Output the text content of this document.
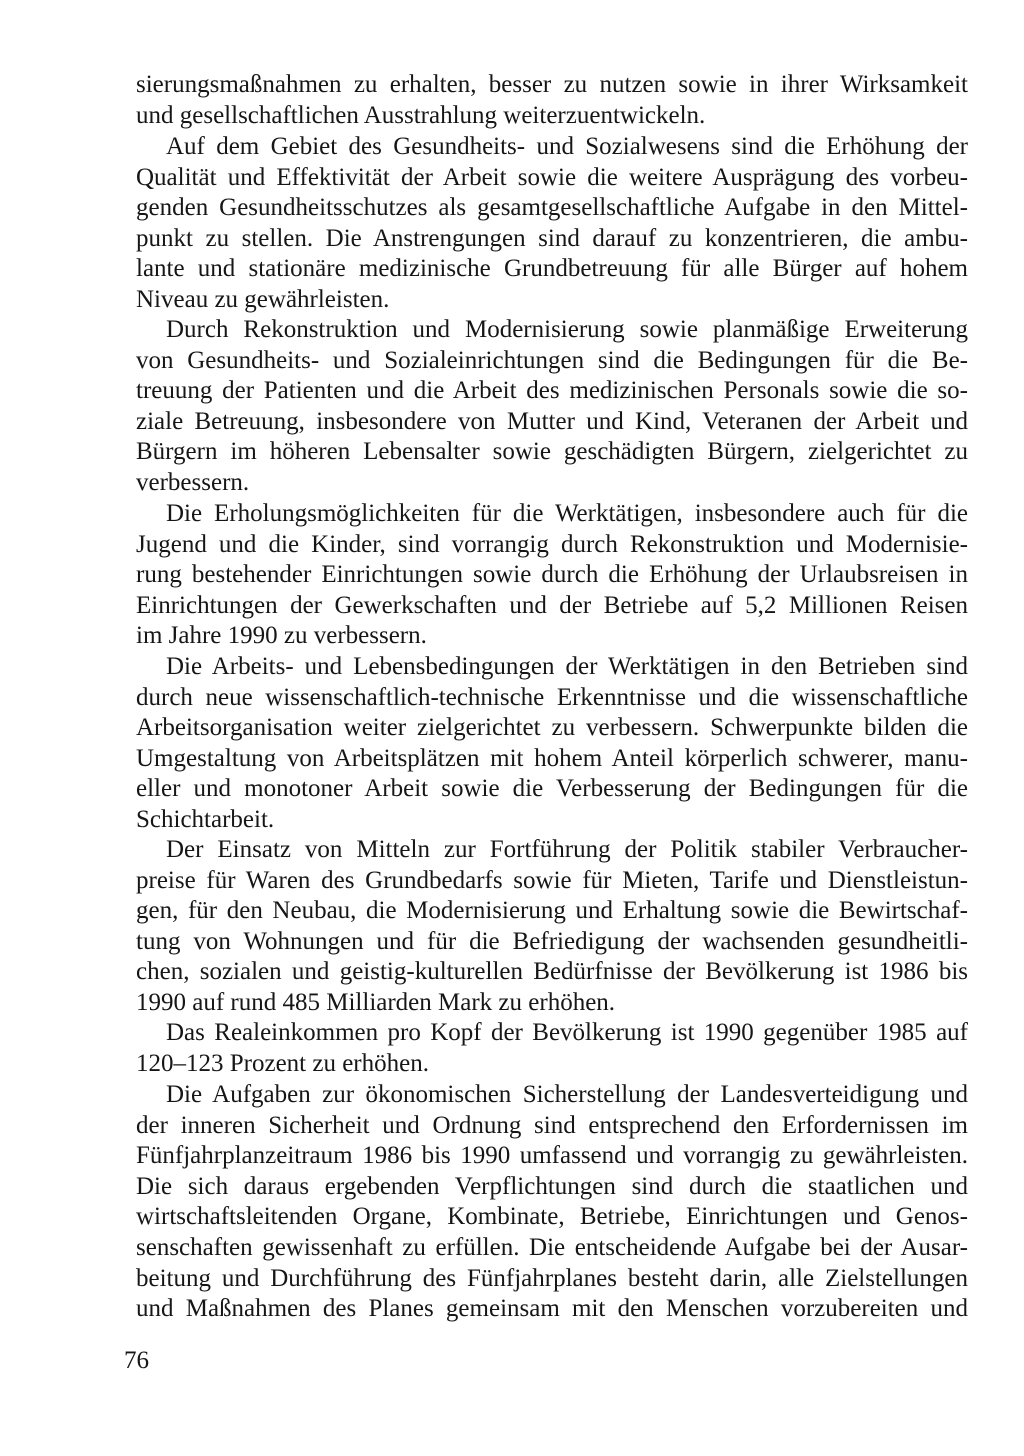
sierungsmaßnahmen zu erhalten, besser zu nutzen sowie in ihrer Wirksamkeit
und gesellschaftlichen Ausstrahlung weiterzuentwickeln.
Auf dem Gebiet des Gesundheits- und Sozialwesens sind die Erhöhung der
Qualität und Effektivität der Arbeit sowie die weitere Ausprägung des vorbeu-
genden Gesundheitsschutzes als gesamtgesellschaftliche Aufgabe in den Mittel-
punkt zu stellen. Die Anstrengungen sind darauf zu konzentrieren, die ambu-
lante und stationäre medizinische Grundbetreuung für alle Bürger auf hohem
Niveau zu gewährleisten.
Durch Rekonstruktion und Modernisierung sowie planmäßige Erweiterung
von Gesundheits- und Sozialeinrichtungen sind die Bedingungen für die Be-
treuung der Patienten und die Arbeit des medizinischen Personals sowie die so-
ziale Betreuung, insbesondere von Mutter und Kind, Veteranen der Arbeit und
Bürgern im höheren Lebensalter sowie geschädigten Bürgern, zielgerichtet zu
verbessern.
Die Erholungsmöglichkeiten für die Werktätigen, insbesondere auch für die
Jugend und die Kinder, sind vorrangig durch Rekonstruktion und Modernisie-
rung bestehender Einrichtungen sowie durch die Erhöhung der Urlaubsreisen in
Einrichtungen der Gewerkschaften und der Betriebe auf 5,2 Millionen Reisen
im Jahre 1990 zu verbessern.
Die Arbeits- und Lebensbedingungen der Werktätigen in den Betrieben sind
durch neue wissenschaftlich-technische Erkenntnisse und die wissenschaftliche
Arbeitsorganisation weiter zielgerichtet zu verbessern. Schwerpunkte bilden die
Umgestaltung von Arbeitsplätzen mit hohem Anteil körperlich schwerer, manu-
eller und monotoner Arbeit sowie die Verbesserung der Bedingungen für die
Schichtarbeit.
Der Einsatz von Mitteln zur Fortführung der Politik stabiler Verbraucher-
preise für Waren des Grundbedarfs sowie für Mieten, Tarife und Dienstleistun-
gen, für den Neubau, die Modernisierung und Erhaltung sowie die Bewirtschaf-
tung von Wohnungen und für die Befriedigung der wachsenden gesundheitli-
chen, sozialen und geistig-kulturellen Bedürfnisse der Bevölkerung ist 1986 bis
1990 auf rund 485 Milliarden Mark zu erhöhen.
Das Realeinkommen pro Kopf der Bevölkerung ist 1990 gegenüber 1985 auf
120–123 Prozent zu erhöhen.
Die Aufgaben zur ökonomischen Sicherstellung der Landesverteidigung und
der inneren Sicherheit und Ordnung sind entsprechend den Erfordernissen im
Fünfjahrplanzeitraum 1986 bis 1990 umfassend und vorrangig zu gewährleisten.
Die sich daraus ergebenden Verpflichtungen sind durch die staatlichen und
wirtschaftsleitenden Organe, Kombinate, Betriebe, Einrichtungen und Genos-
senschaften gewissenhaft zu erfüllen. Die entscheidende Aufgabe bei der Ausar-
beitung und Durchführung des Fünfjahrplanes besteht darin, alle Zielstellungen
und Maßnahmen des Planes gemeinsam mit den Menschen vorzubereiten und
76
